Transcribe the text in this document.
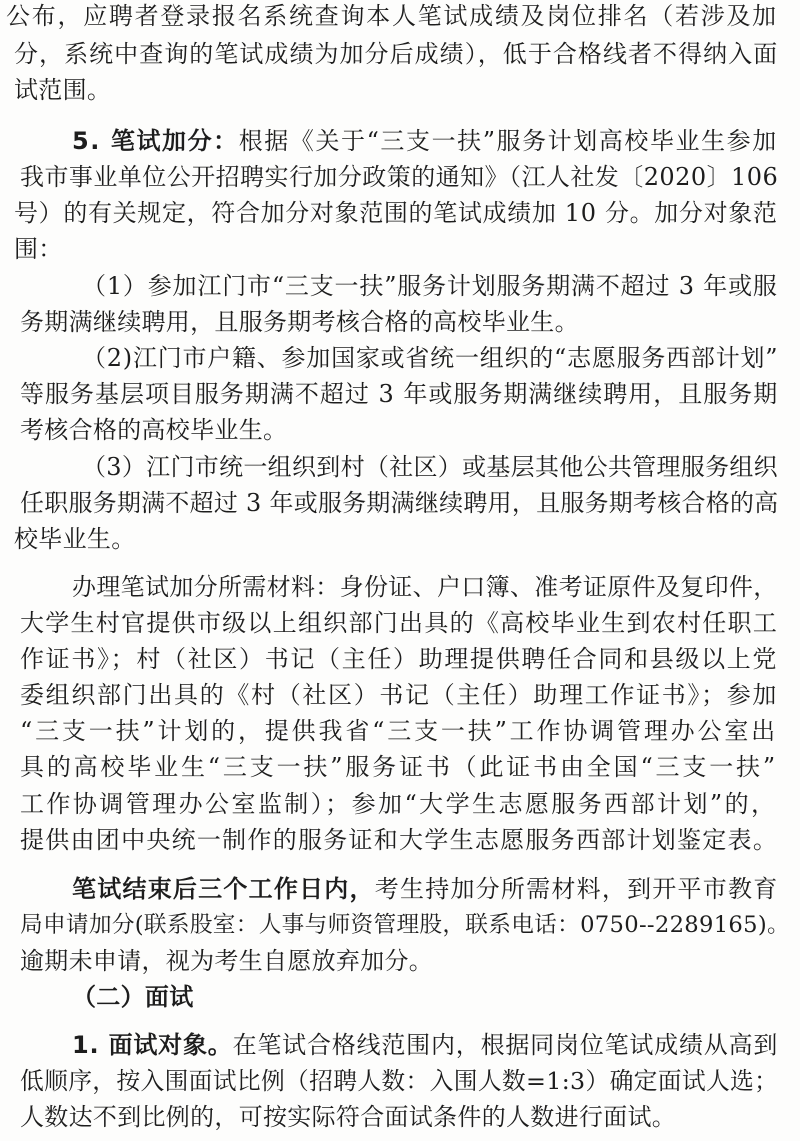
公布，应聘者登录报名系统查询本人笔试成绩及岗位排名（若涉及加
分，系统中查询的笔试成绩为加分后成绩），低于合格线者不得纳入面
试范围。
5. 笔试加分：根据《关于“三支一扶”服务计划高校毕业生参加
我市事业单位公开招聘实行加分政策的通知》（江人社发〔2020〕106
号）的有关规定，符合加分对象范围的笔试成绩加 10 分。加分对象范
围：
（1）参加江门市“三支一扶”服务计划服务期满不超过 3 年或服
务期满继续聘用，且服务期考核合格的高校毕业生。
（2)江门市户籍、参加国家或省统一组织的“志愿服务西部计划”
等服务基层项目服务期满不超过 3 年或服务期满继续聘用，且服务期
考核合格的高校毕业生。
（3）江门市统一组织到村（社区）或基层其他公共管理服务组织
任职服务期满不超过 3 年或服务期满继续聘用，且服务期考核合格的高
校毕业生。
办理笔试加分所需材料：身份证、户口簿、准考证原件及复印件，
大学生村官提供市级以上组织部门出具的《高校毕业生到农村任职工
作证书》；村（社区）书记（主任）助理提供聘任合同和县级以上党
委组织部门出具的《村（社区）书记（主任）助理工作证书》；参加
“三支一扶”计划的，提供我省“三支一扶”工作协调管理办公室出
具的高校毕业生“三支一扶”服务证书（此证书由全国“三支一扶”
工作协调管理办公室监制）；参加“大学生志愿服务西部计划”的，
提供由团中央统一制作的服务证和大学生志愿服务西部计划鉴定表。
笔试结束后三个工作日内，考生持加分所需材料，到开平市教育
局申请加分(联系股室：人事与师资管理股，联系电话：0750--2289165)。
逾期未申请，视为考生自愿放弃加分。
（二）面试
1. 面试对象。在笔试合格线范围内，根据同岗位笔试成绩从高到
低顺序，按入围面试比例（招聘人数：入围人数=1:3）确定面试人选；
人数达不到比例的，可按实际符合面试条件的人数进行面试。
